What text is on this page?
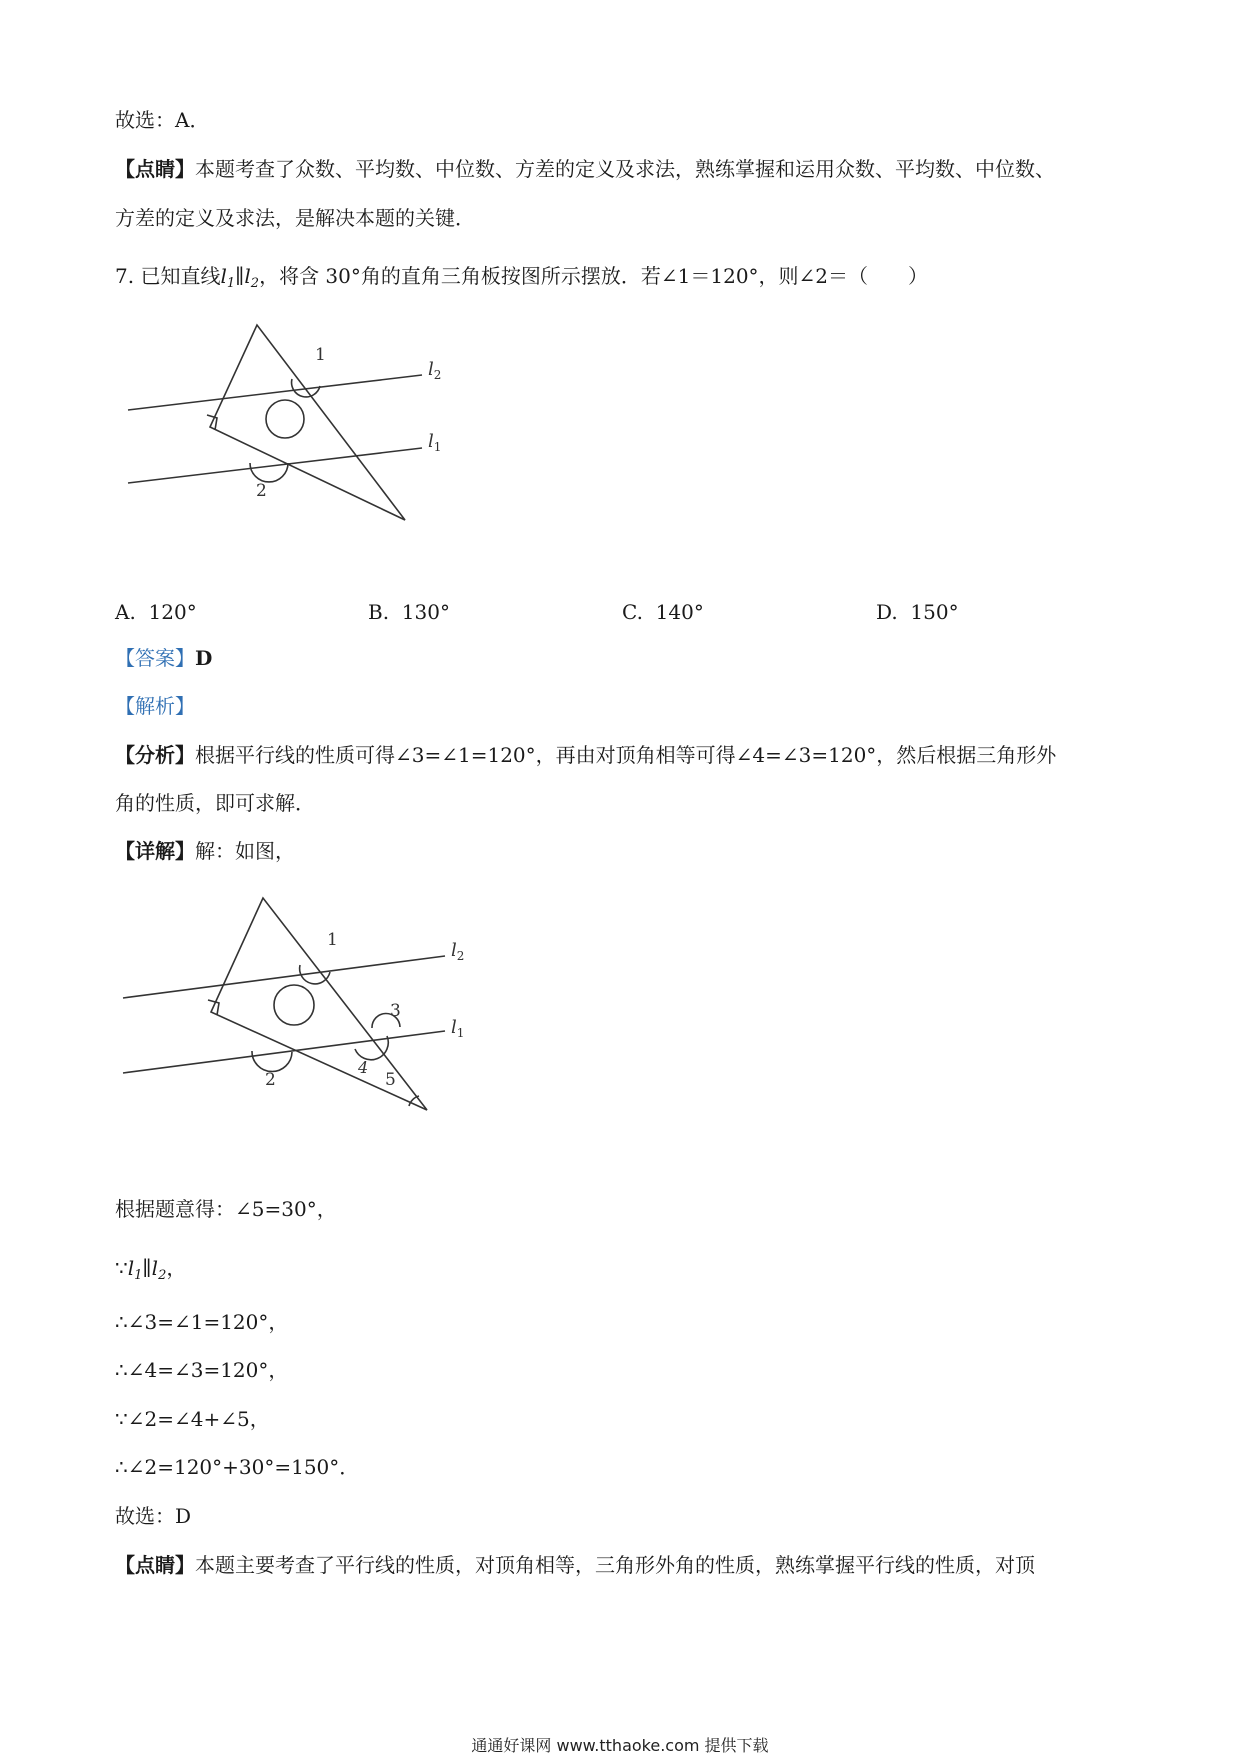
故选：A．
【点睛】本题考查了众数、平均数、中位数、方差的定义及求法，熟练掌握和运用众数、平均数、中位数、
方差的定义及求法，是解决本题的关键．
7. 已知直线$l_1\parallel l_2$，将含 30°角的直角三角板按图所示摆放．若∠1＝120°，则∠2＝（　　）
1
2
$l_2$
$l_1$
A. 120°	B. 130°	C. 140°	D. 150°
【答案】D
【解析】
【分析】根据平行线的性质可得∠3=∠1=120°，再由对顶角相等可得∠4=∠3=120°，然后根据三角形外
角的性质，即可求解．
【详解】解：如图，
1
2
3
4
5
$l_2$
$l_1$
根据题意得：∠5=30°，
$\because l_1\parallel l_2$，
∴∠3=∠1=120°，
∴∠4=∠3=120°，
∵∠2=∠4+∠5，
∴∠2=120°+30°=150°．
故选：D
【点睛】本题主要考查了平行线的性质，对顶角相等，三角形外角的性质，熟练掌握平行线的性质，对顶
通通好课网 www.tthaoke.com 提供下载
